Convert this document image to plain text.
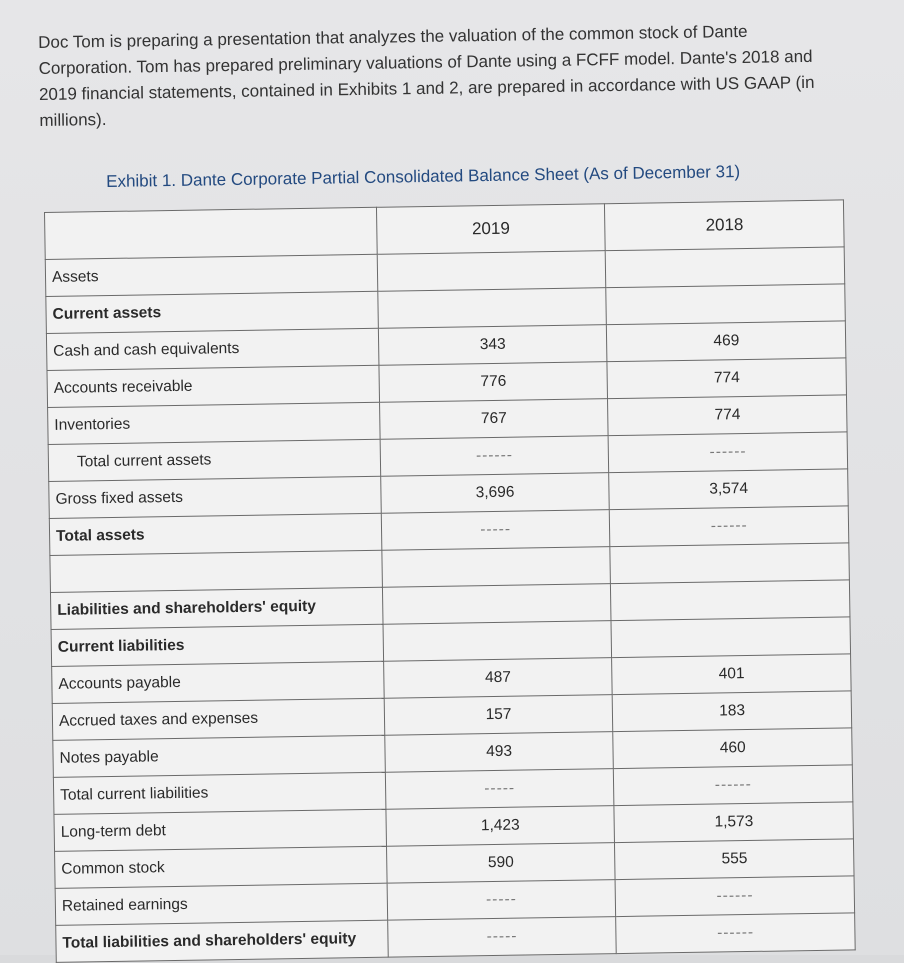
Doc Tom is preparing a presentation that analyzes the valuation of the common stock of Dante Corporation. Tom has prepared preliminary valuations of Dante using a FCFF model. Dante's 2018 and 2019 financial statements, contained in Exhibits 1 and 2, are prepared in accordance with US GAAP (in millions).
Exhibit 1. Dante Corporate Partial Consolidated Balance Sheet (As of December 31)
	2019	2018
Assets		
Current assets		
Cash and cash equivalents	343	469
Accounts receivable	776	774
Inventories	767	774
Total current assets	------	------
Gross fixed assets	3,696	3,574
Total assets	-----	------

Liabilities and shareholders' equity		
Current liabilities		
Accounts payable	487	401
Accrued taxes and expenses	157	183
Notes payable	493	460
Total current liabilities	-----	------
Long-term debt	1,423	1,573
Common stock	590	555
Retained earnings	-----	------
Total liabilities and shareholders' equity	-----	------
